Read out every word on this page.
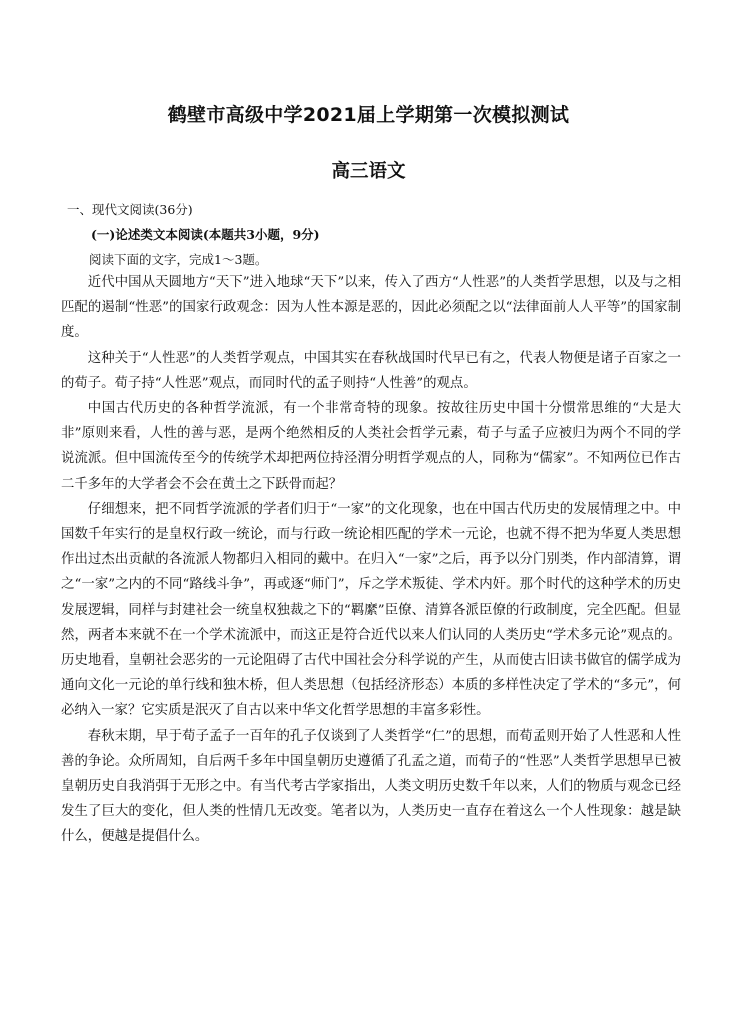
鹤壁市高级中学2021届上学期第一次模拟测试
高三语文
一、现代文阅读(36分)
(一)论述类文本阅读(本题共3小题，9分)
阅读下面的文字，完成1～3题。

近代中国从天圆地方“天下”进入地球“天下”以来，传入了西方“人性恶”的人类哲学思想，以及与之相匹配的遏制“性恶”的国家行政观念：因为人性本源是恶的，因此必须配之以“法律面前人人平等”的国家制度。

这种关于“人性恶”的人类哲学观点，中国其实在春秋战国时代早已有之，代表人物便是诸子百家之一的荀子。荀子持“人性恶”观点，而同时代的孟子则持“人性善”的观点。

中国古代历史的各种哲学流派，有一个非常奇特的现象。按故往历史中国十分惯常思维的“大是大非”原则来看，人性的善与恶，是两个绝然相反的人类社会哲学元素，荀子与孟子应被归为两个不同的学说流派。但中国流传至今的传统学术却把两位持泾渭分明哲学观点的人，同称为“儒家”。不知两位已作古二千多年的大学者会不会在黄土之下跃骨而起？

仔细想来，把不同哲学流派的学者们归于“一家”的文化现象，也在中国古代历史的发展情理之中。中国数千年实行的是皇权行政一统论，而与行政一统论相匹配的学术一元论，也就不得不把为华夏人类思想作出过杰出贡献的各流派人物都归入相同的戴中。在归入“一家”之后，再予以分门别类，作内部清算，谓之“一家”之内的不同“路线斗争”，再或逐“师门”，斥之学术叛徒、学术内奸。那个时代的这种学术的历史发展逻辑，同样与封建社会一统皇权独裁之下的“羁縻”臣僚、清算各派臣僚的行政制度，完全匹配。但显然，两者本来就不在一个学术流派中，而这正是符合近代以来人们认同的人类历史“学术多元论”观点的。历史地看，皇朝社会恶劣的一元论阻碍了古代中国社会分科学说的产生，从而使古旧读书做官的儒学成为通向文化一元论的单行线和独木桥，但人类思想（包括经济形态）本质的多样性决定了学术的“多元”，何必纳入一家？它实质是泯灭了自古以来中华文化哲学思想的丰富多彩性。

春秋末期，早于荀子孟子一百年的孔子仅谈到了人类哲学“仁”的思想，而荀孟则开始了人性恶和人性善的争论。众所周知，自后两千多年中国皇朝历史遵循了孔孟之道，而荀子的“性恶”人类哲学思想早已被皇朝历史自我消弭于无形之中。有当代考古学家指出，人类文明历史数千年以来，人们的物质与观念已经发生了巨大的变化，但人类的性情几无改变。笔者以为，人类历史一直存在着这么一个人性现象：越是缺什么，便越是提倡什么。
